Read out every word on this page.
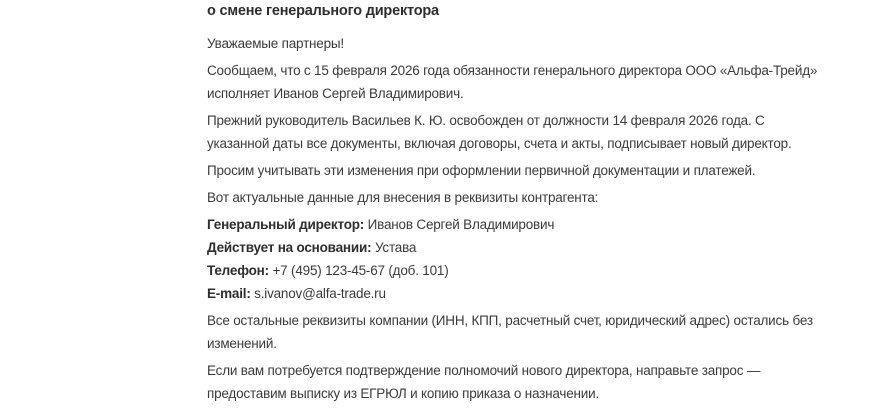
о смене генерального директора

Уважаемые партнеры!

Сообщаем, что с 15 февраля 2026 года обязанности генерального директора ООО «Альфа-Трейд»
исполняет Иванов Сергей Владимирович.

Прежний руководитель Васильев К. Ю. освобожден от должности 14 февраля 2026 года. С
указанной даты все документы, включая договоры, счета и акты, подписывает новый директор.

Просим учитывать эти изменения при оформлении первичной документации и платежей.

Вот актуальные данные для внесения в реквизиты контрагента:

Генеральный директор: Иванов Сергей Владимирович
Действует на основании: Устава
Телефон: +7 (495) 123-45-67 (доб. 101)
E-mail: s.ivanov@alfa-trade.ru

Все остальные реквизиты компании (ИНН, КПП, расчетный счет, юридический адрес) остались без
изменений.

Если вам потребуется подтверждение полномочий нового директора, направьте запрос —
предоставим выписку из ЕГРЮЛ и копию приказа о назначении.
